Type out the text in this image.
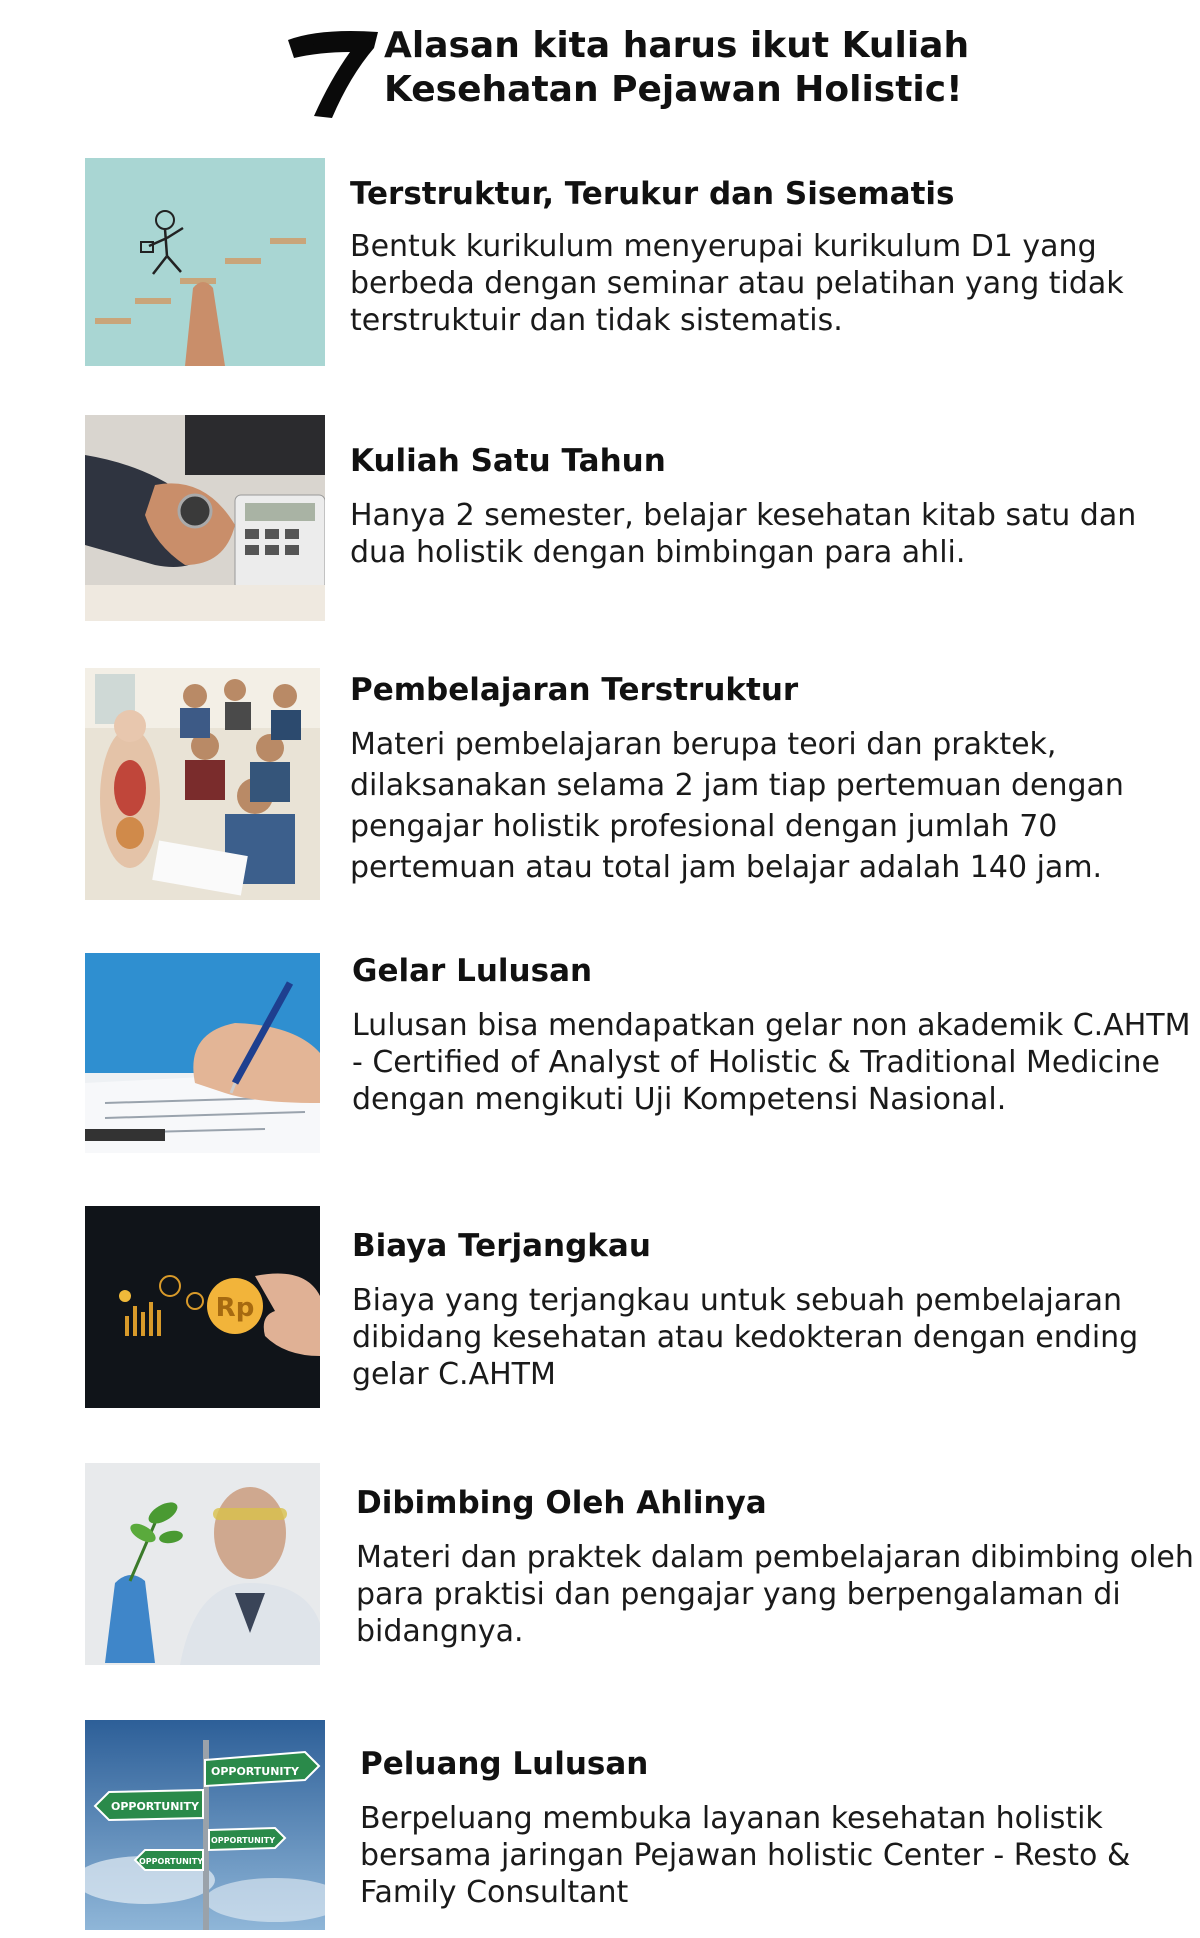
Alasan kita harus ikut Kuliah
Kesehatan Pejawan Holistic!
Terstruktur, Terukur dan Sisematis

Bentuk kurikulum menyerupai kurikulum D1 yang berbeda dengan seminar atau pelatihan yang tidak terstruktuir dan tidak sistematis.

Kuliah Satu Tahun

Hanya 2 semester, belajar kesehatan kitab satu dan dua holistik dengan bimbingan para ahli.

Pembelajaran Terstruktur

Materi pembelajaran berupa teori dan praktek, dilaksanakan selama 2 jam tiap pertemuan dengan pengajar holistik profesional dengan jumlah 70 pertemuan atau total jam belajar adalah 140 jam.

Gelar Lulusan

Lulusan bisa mendapatkan gelar non akademik C.AHTM - Certified of Analyst of Holistic & Traditional Medicine dengan mengikuti Uji Kompetensi Nasional.

Rp
Biaya Terjangkau

Biaya yang terjangkau untuk sebuah pembelajaran dibidang kesehatan atau kedokteran dengan ending gelar C.AHTM

Dibimbing Oleh Ahlinya

Materi dan praktek dalam pembelajaran dibimbing oleh para praktisi dan pengajar yang berpengalaman di bidangnya.

OPPORTUNITY
OPPORTUNITY
OPPORTUNITY
OPPORTUNITY
Peluang Lulusan

Berpeluang membuka layanan kesehatan holistik bersama jaringan Pejawan holistic Center - Resto & Family Consultant
